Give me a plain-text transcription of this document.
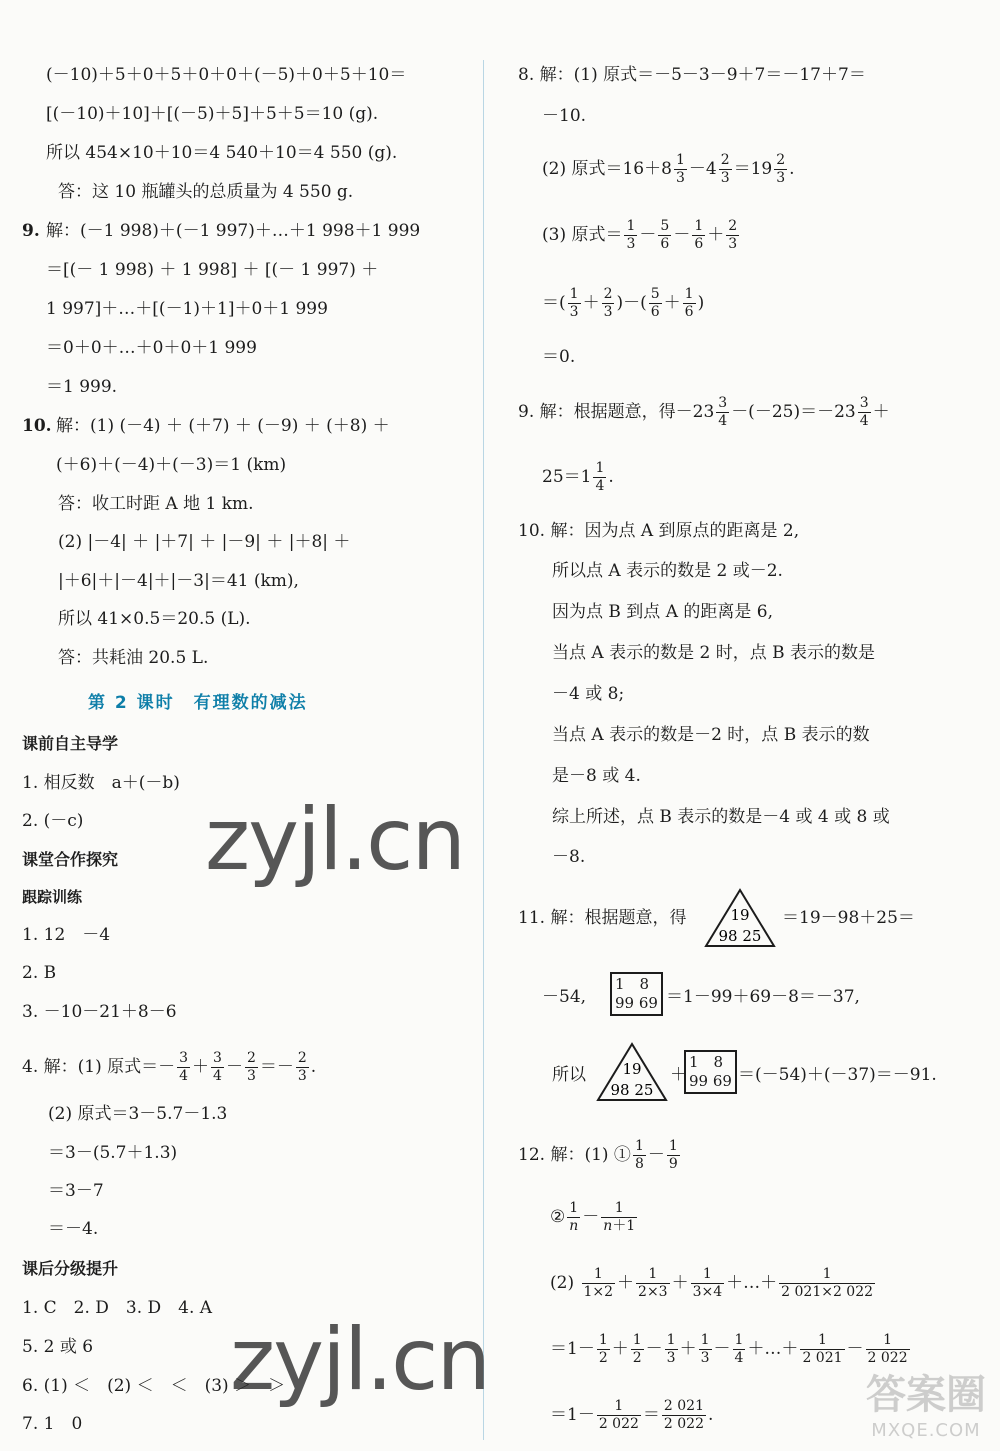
(－10)＋5＋0＋5＋0＋0＋(－5)＋0＋5＋10＝
[(－10)＋10]＋[(－5)＋5]＋5＋5＝10 (g).
所以 454×10＋10＝4 540＋10＝4 550 (g).
答：这 10 瓶罐头的总质量为 4 550 g.
9. 解：(－1 998)＋(－1 997)＋…＋1 998＋1 999
＝[(－ 1 998) ＋ 1 998] ＋ [(－ 1 997) ＋
1 997]＋…＋[(－1)＋1]＋0＋1 999
＝0＋0＋…＋0＋0＋1 999
＝1 999.
10. 解：(1) (－4) ＋ (＋7) ＋ (－9) ＋ (＋8) ＋
(＋6)＋(－4)＋(－3)＝1 (km)
答：收工时距 A 地 1 km.
(2) |－4| ＋ |＋7| ＋ |－9| ＋ |＋8| ＋
|＋6|＋|－4|＋|－3|＝41 (km),
所以 41×0.5＝20.5 (L).
答：共耗油 20.5 L.
第 2 课时　有理数的减法
课前自主导学
1. 相反数　a＋(－b)
2. (－c)
课堂合作探究
跟踪训练
1. 12　－4
2. B
3. －10－21＋8－6
4. 解：(1) 原式＝－ $\frac{3}{4} + \frac{3}{4} - \frac{2}{3} =- \frac{2}{3}$ .
(2) 原式＝3－5.7－1.3
＝3－(5.7＋1.3)
＝3－7
＝－4.
课后分级提升
1. C　2. D　3. D　4. A
5. 2 或 6
6. (1) ＜　(2) ＜　＜　(3) ＞　＞
7. 1　0
8. 解：(1) 原式＝－5－3－9＋7＝－17＋7＝
－10.
(2) 原式$=16+8 \frac{1}{3} -4 \frac{2}{3} =19 \frac{2}{3}$ .
(3) 原式＝ $\frac{1}{3} - \frac{5}{6} - \frac{1}{6} + \frac{2}{3}$
＝( $\frac{1}{3} + \frac{2}{3}$ )－( $\frac{5}{6} + \frac{1}{6}$ )
＝0.
9. 解：根据题意，得$-23 \frac{3}{4} -(-25)=-23 \frac{3}{4}$ ＋
$25=1 \frac{1}{4}$ .
10. 解：因为点 A 到原点的距离是 2,
所以点 A 表示的数是 2 或－2.
因为点 B 到点 A 的距离是 6,
当点 A 表示的数是 2 时，点 B 表示的数是
－4 或 8;
当点 A 表示的数是－2 时，点 B 表示的数
是－8 或 4.
综上所述，点 B 表示的数是－4 或 4 或 8 或
－8.
11. 解：根据题意，得	19
98 25
＝19－98＋25＝
－54,
1　8
99 69 ＝1－99＋69－8＝－37,
所以 19
98 25
＋
1　8
99 69 ＝(－54)＋(－37)＝－91.
12. 解：(1) ① $\frac{1}{8} - \frac{1}{9}$
② $\frac{1}{n} - \frac{1}{n+1}$
$(2) \frac{1}{1\times 2} + \frac{1}{2\times 3} + \frac{1}{3\times 4}$ ＋…＋ $\frac{1}{2 021\times 2 022}$
$=1- \frac{1}{2} + \frac{1}{2} - \frac{1}{3} + \frac{1}{3} - \frac{1}{4}$ ＋…＋ $\frac{1}{2 021} - \frac{1}{2 022}$
$=1- \frac{1}{2 022} = \frac{2 021}{2 022}$ .
zyjl.cn
zyjl.cn	答案圈
MXQE.COM
